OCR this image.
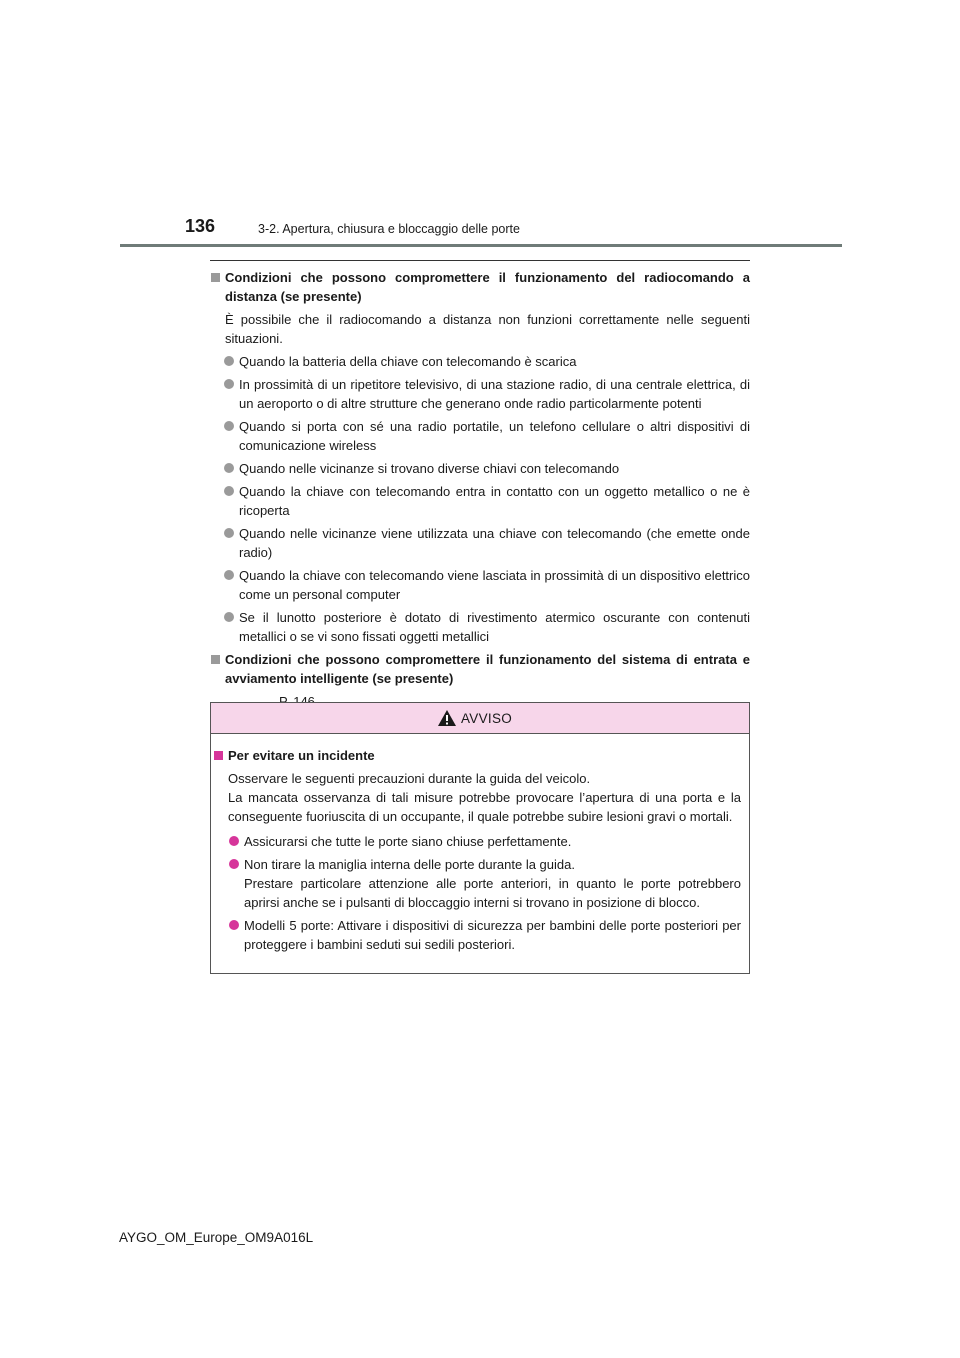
136	3-2. Apertura, chiusura e bloccaggio delle porte
Condizioni che possono compromettere il funzionamento del radiocomando a distanza (se presente)
È possibile che il radiocomando a distanza non funzioni correttamente nelle seguenti situazioni.
Quando la batteria della chiave con telecomando è scarica
In prossimità di un ripetitore televisivo, di una stazione radio, di una centrale elettrica, di un aeroporto o di altre strutture che generano onde radio particolarmente potenti
Quando si porta con sé una radio portatile, un telefono cellulare o altri dispositivi di comunicazione wireless
Quando nelle vicinanze si trovano diverse chiavi con telecomando
Quando la chiave con telecomando entra in contatto con un oggetto metallico o ne è ricoperta
Quando nelle vicinanze viene utilizzata una chiave con telecomando (che emette onde radio)
Quando la chiave con telecomando viene lasciata in prossimità di un dispositivo elettrico come un personal computer
Se il lunotto posteriore è dotato di rivestimento atermico oscurante con contenuti metallici o se vi sono fissati oggetti metallici
Condizioni che possono compromettere il funzionamento del sistema di entrata e avviamento intelligente (se presente)
AVVISO
Per evitare un incidente
Osservare le seguenti precauzioni durante la guida del veicolo.
La mancata osservanza di tali misure potrebbe provocare l’apertura di una porta e la conseguente fuoriuscita di un occupante, il quale potrebbe subire lesioni gravi o mortali.
Assicurarsi che tutte le porte siano chiuse perfettamente.
Non tirare la maniglia interna delle porte durante la guida.
Prestare particolare attenzione alle porte anteriori, in quanto le porte potrebbero aprirsi anche se i pulsanti di bloccaggio interni si trovano in posizione di blocco.
Modelli 5 porte: Attivare i dispositivi di sicurezza per bambini delle porte posteriori per proteggere i bambini seduti sui sedili posteriori.
AYGO_OM_Europe_OM9A016L
